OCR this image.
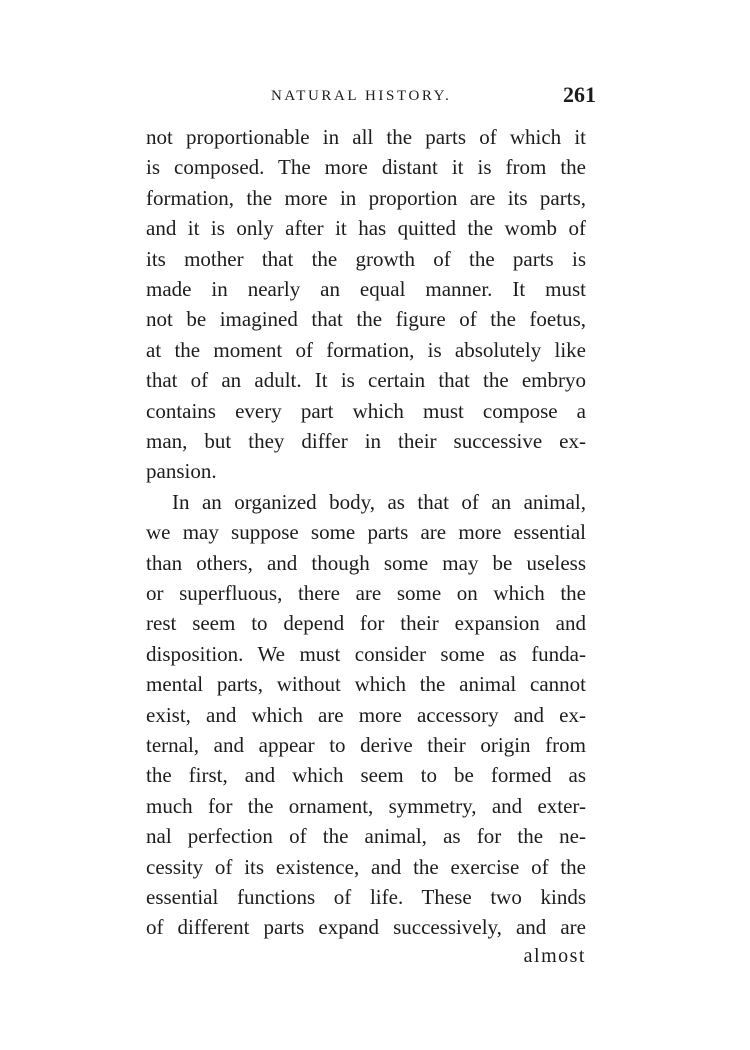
NATURAL HISTORY.	261
not proportionable in all the parts of which it
is composed. The more distant it is from the
formation, the more in proportion are its parts,
and it is only after it has quitted the womb of
its mother that the growth of the parts is
made in nearly an equal manner. It must
not be imagined that the figure of the foetus,
at the moment of formation, is absolutely like
that of an adult. It is certain that the embryo
contains every part which must compose a
man, but they differ in their successive ex-
pansion.
In an organized body, as that of an animal,
we may suppose some parts are more essential
than others, and though some may be useless
or superfluous, there are some on which the
rest seem to depend for their expansion and
disposition. We must consider some as funda-
mental parts, without which the animal cannot
exist, and which are more accessory and ex-
ternal, and appear to derive their origin from
the first, and which seem to be formed as
much for the ornament, symmetry, and exter-
nal perfection of the animal, as for the ne-
cessity of its existence, and the exercise of the
essential functions of life. These two kinds
of different parts expand successively, and are
almost
